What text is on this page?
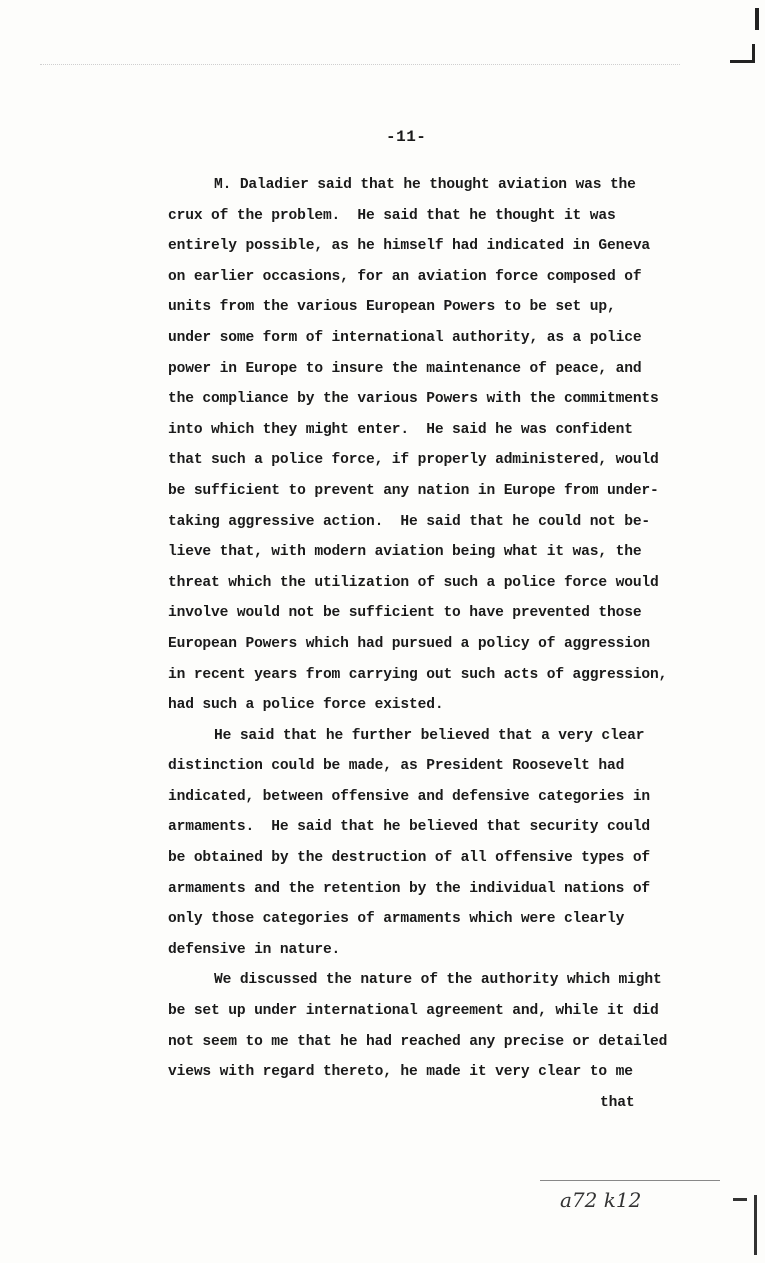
-11-
M. Daladier said that he thought aviation was the
crux of the problem.  He said that he thought it was
entirely possible, as he himself had indicated in Geneva
on earlier occasions, for an aviation force composed of
units from the various European Powers to be set up,
under some form of international authority, as a police
power in Europe to insure the maintenance of peace, and
the compliance by the various Powers with the commitments
into which they might enter.  He said he was confident
that such a police force, if properly administered, would
be sufficient to prevent any nation in Europe from under-
taking aggressive action.  He said that he could not be-
lieve that, with modern aviation being what it was, the
threat which the utilization of such a police force would
involve would not be sufficient to have prevented those
European Powers which had pursued a policy of aggression
in recent years from carrying out such acts of aggression,
had such a police force existed.
He said that he further believed that a very clear
distinction could be made, as President Roosevelt had
indicated, between offensive and defensive categories in
armaments.  He said that he believed that security could
be obtained by the destruction of all offensive types of
armaments and the retention by the individual nations of
only those categories of armaments which were clearly
defensive in nature.
We discussed the nature of the authority which might
be set up under international agreement and, while it did
not seem to me that he had reached any precise or detailed
views with regard thereto, he made it very clear to me
that
a72 k12
